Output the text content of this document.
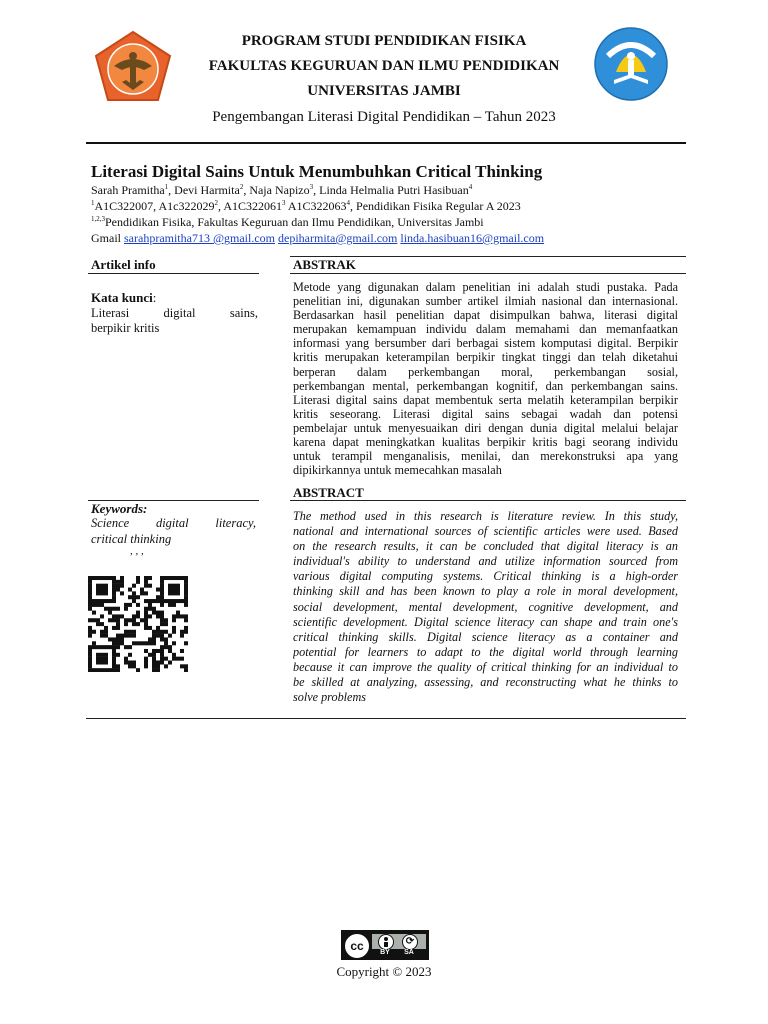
PROGRAM STUDI PENDIDIKAN FISIKA
FAKULTAS KEGURUAN DAN ILMU PENDIDIKAN
UNIVERSITAS JAMBI
Pengembangan Literasi Digital Pendidikan – Tahun 2023
Literasi Digital Sains Untuk Menumbuhkan Critical Thinking
Sarah Pramitha$^1$, Devi Harmita$^2$, Naja Napizo$^3$, Linda Helmalia Putri Hasibuan$^4$
$^1$A1C322007, A1c322029$^2$, A1C322061$^3$ A1C322063$^4$, Pendidikan Fisika Regular A 2023
$^{1,2,3}$Pendidikan Fisika, Fakultas Keguruan dan Ilmu Pendidikan, Universitas Jambi
Gmail sarahpramitha713 @gmail.com depiharmita@gmail.com linda.hasibuan16@gmail.com
Artikel info
Kata kunci:
Literasi digital sains,
berpikir kritis
Keywords:
Science digital literacy,
critical thinking
, , ,
ABSTRAK
Metode yang digunakan dalam penelitian ini adalah studi pustaka. Pada
penelitian ini, digunakan sumber artikel ilmiah nasional dan internasional.
Berdasarkan hasil penelitian dapat disimpulkan bahwa, literasi digital
merupakan kemampuan individu dalam memahami dan memanfaatkan
informasi yang bersumber dari berbagai sistem komputasi digital. Berpikir
kritis merupakan keterampilan berpikir tingkat tinggi dan telah diketahui
berperan dalam perkembangan moral, perkembangan sosial,
perkembangan mental, perkembangan kognitif, dan perkembangan sains.
Literasi digital sains dapat membentuk serta melatih keterampilan berpikir
kritis seseorang. Literasi digital sains sebagai wadah dan potensi
pembelajar untuk menyesuaikan diri dengan dunia digital melalui belajar
karena dapat meningkatkan kualitas berpikir kritis bagi seorang individu
untuk terampil menganalisis, menilai, dan merekonstruksi apa yang
dipikirkannya untuk memecahkan masalah
ABSTRACT
The method used in this research is literature review. In this study,
national and international sources of scientific articles were used. Based
on the research results, it can be concluded that digital literacy is an
individual's ability to understand and utilize information sourced from
various digital computing systems. Critical thinking is a high-order
thinking skill and has been known to play a role in moral development,
social development, mental development, cognitive development, and
scientific development. Digital science literacy can shape and train one's
critical thinking skills. Digital science literacy as a container and
potential for learners to adapt to the digital world through learning
because it can improve the quality of critical thinking for an individual to
be skilled at analyzing, assessing, and reconstructing what he thinks to
solve problems
cc	⟳
BY	SA
Copyright © 2023
